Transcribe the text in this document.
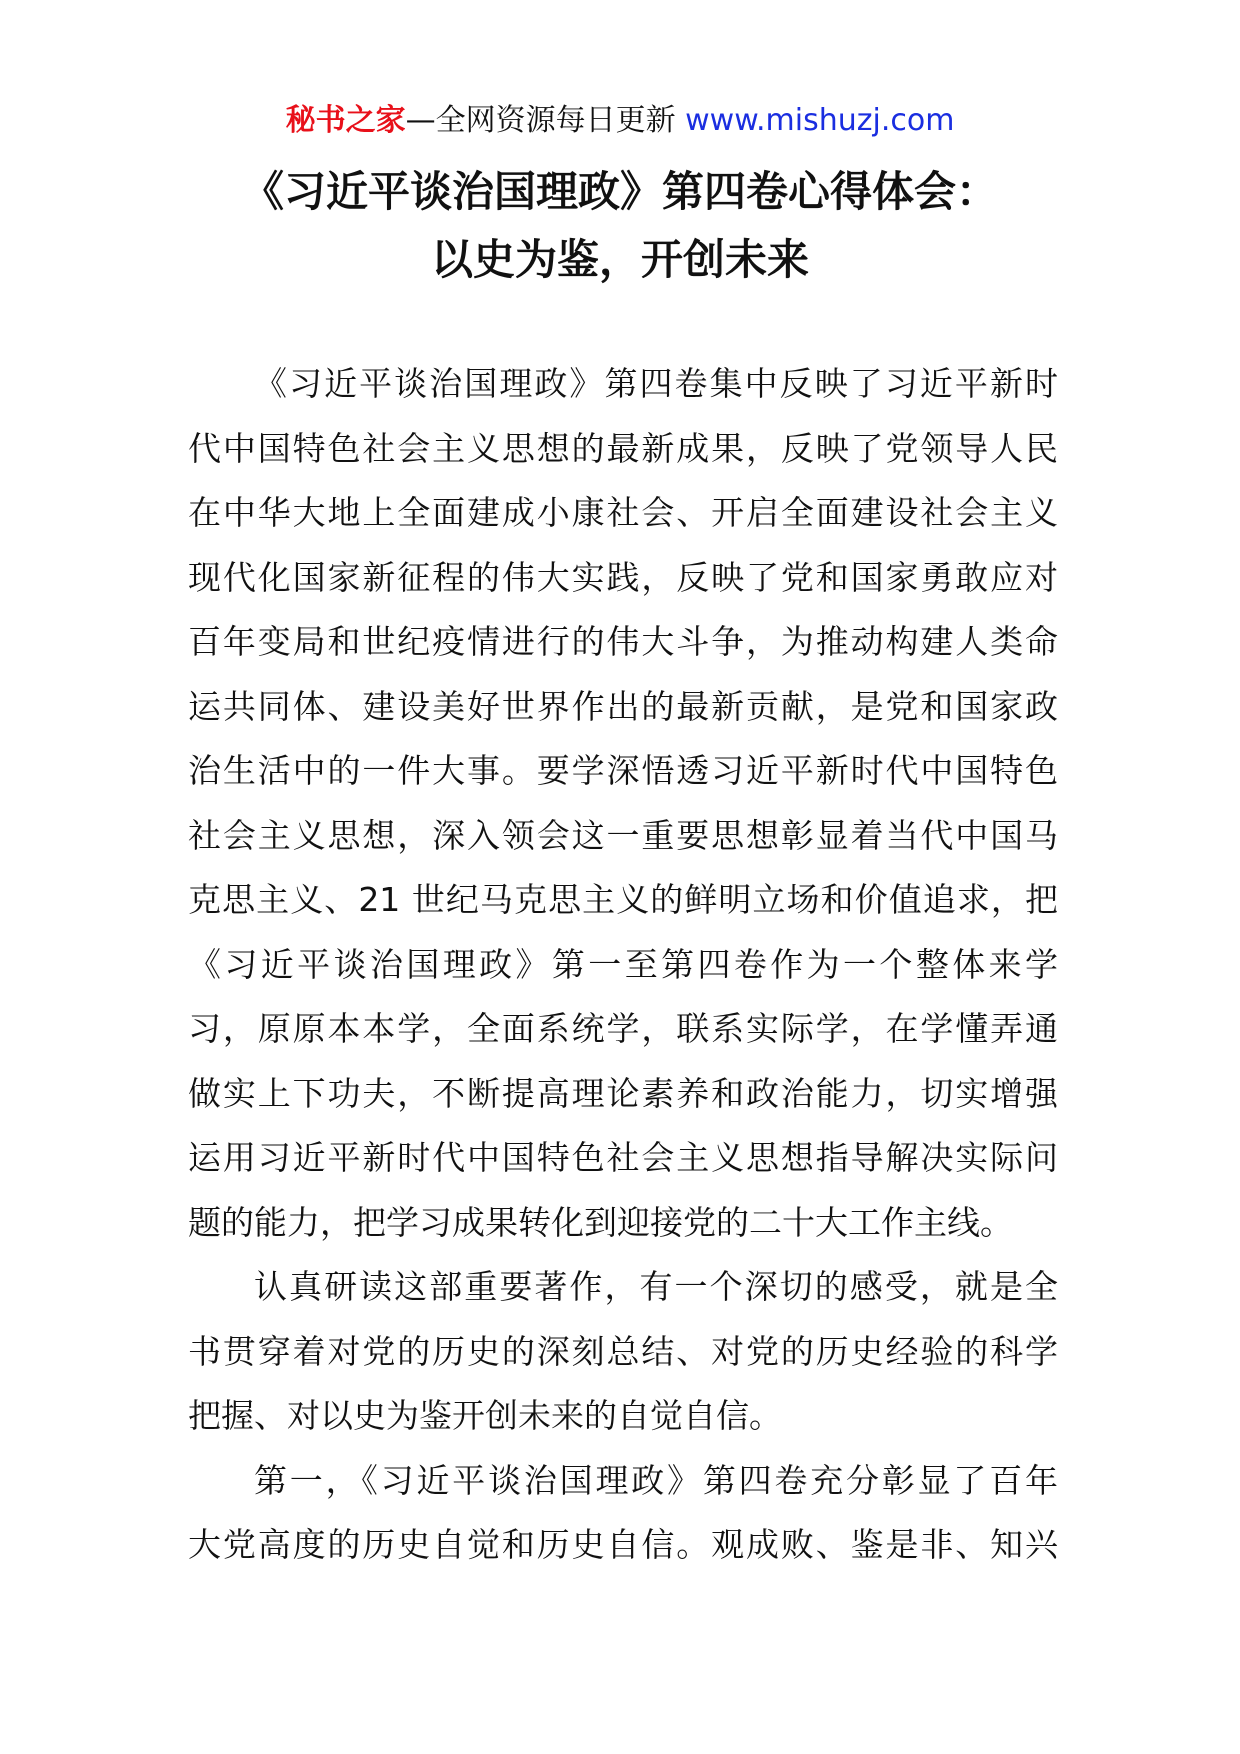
秘书之家—全网资源每日更新 www.mishuzj.com
《习近平谈治国理政》第四卷心得体会：
以史为鉴，开创未来
《习近平谈治国理政》第四卷集中反映了习近平新时
代中国特色社会主义思想的最新成果，反映了党领导人民
在中华大地上全面建成小康社会、开启全面建设社会主义
现代化国家新征程的伟大实践，反映了党和国家勇敢应对
百年变局和世纪疫情进行的伟大斗争，为推动构建人类命
运共同体、建设美好世界作出的最新贡献，是党和国家政
治生活中的一件大事。要学深悟透习近平新时代中国特色
社会主义思想，深入领会这一重要思想彰显着当代中国马
克思主义、21 世纪马克思主义的鲜明立场和价值追求，把
《习近平谈治国理政》第一至第四卷作为一个整体来学
习，原原本本学，全面系统学，联系实际学，在学懂弄通
做实上下功夫，不断提高理论素养和政治能力，切实增强
运用习近平新时代中国特色社会主义思想指导解决实际问
题的能力，把学习成果转化到迎接党的二十大工作主线。
认真研读这部重要著作，有一个深切的感受，就是全
书贯穿着对党的历史的深刻总结、对党的历史经验的科学
把握、对以史为鉴开创未来的自觉自信。
第一，《习近平谈治国理政》第四卷充分彰显了百年
大党高度的历史自觉和历史自信。观成败、鉴是非、知兴
